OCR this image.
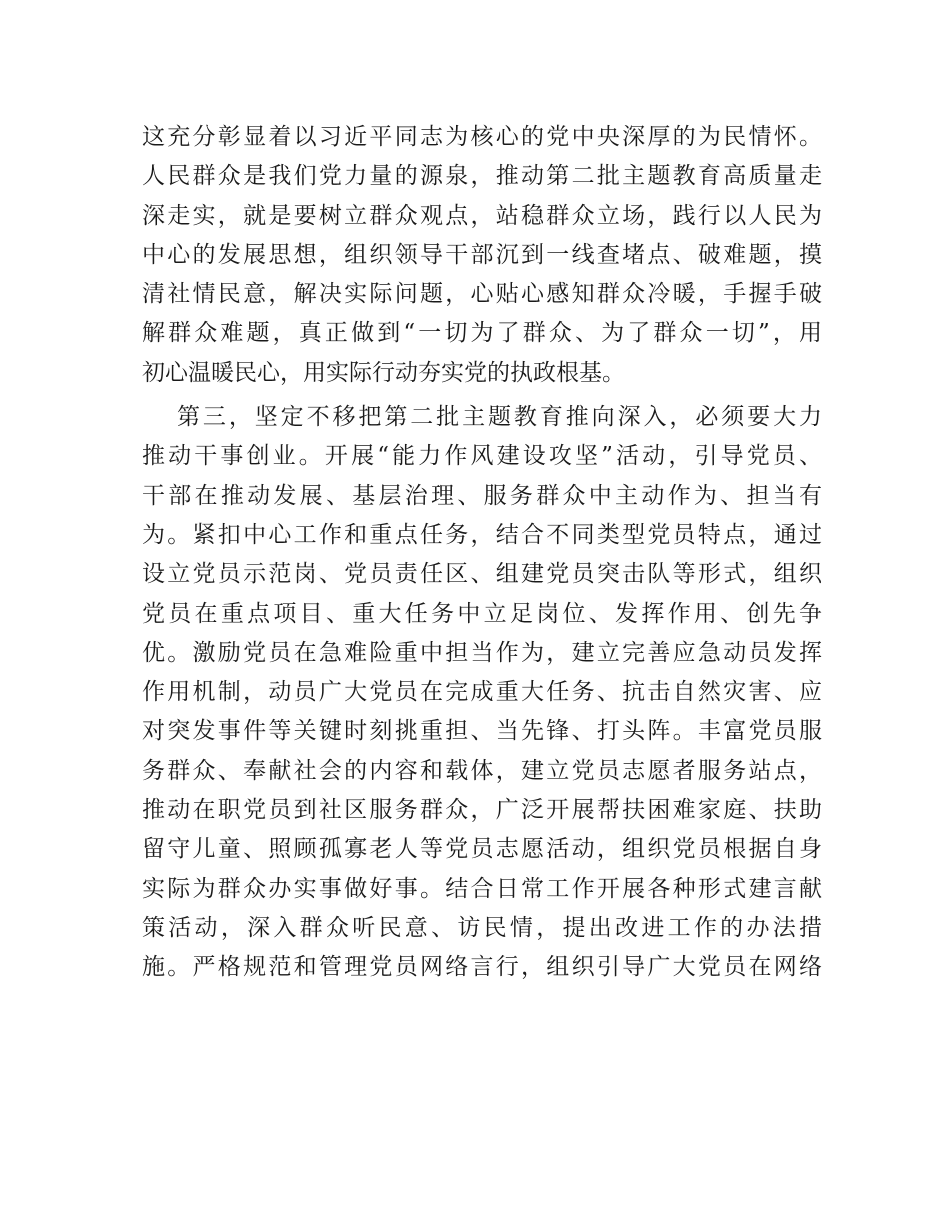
这充分彰显着以习近平同志为核心的党中央深厚的为民情怀。
人民群众是我们党力量的源泉，推动第二批主题教育高质量走
深走实，就是要树立群众观点，站稳群众立场，践行以人民为
中心的发展思想，组织领导干部沉到一线查堵点、破难题，摸
清社情民意，解决实际问题，心贴心感知群众冷暖，手握手破
解群众难题，真正做到“一切为了群众、为了群众一切”，用
初心温暖民心，用实际行动夯实党的执政根基。

第三，坚定不移把第二批主题教育推向深入，必须要大力
推动干事创业。开展“能力作风建设攻坚”活动，引导党员、
干部在推动发展、基层治理、服务群众中主动作为、担当有
为。紧扣中心工作和重点任务，结合不同类型党员特点，通过
设立党员示范岗、党员责任区、组建党员突击队等形式，组织
党员在重点项目、重大任务中立足岗位、发挥作用、创先争
优。激励党员在急难险重中担当作为，建立完善应急动员发挥
作用机制，动员广大党员在完成重大任务、抗击自然灾害、应
对突发事件等关键时刻挑重担、当先锋、打头阵。丰富党员服
务群众、奉献社会的内容和载体，建立党员志愿者服务站点，
推动在职党员到社区服务群众，广泛开展帮扶困难家庭、扶助
留守儿童、照顾孤寡老人等党员志愿活动，组织党员根据自身
实际为群众办实事做好事。结合日常工作开展各种形式建言献
策活动，深入群众听民意、访民情，提出改进工作的办法措
施。严格规范和管理党员网络言行，组织引导广大党员在网络
